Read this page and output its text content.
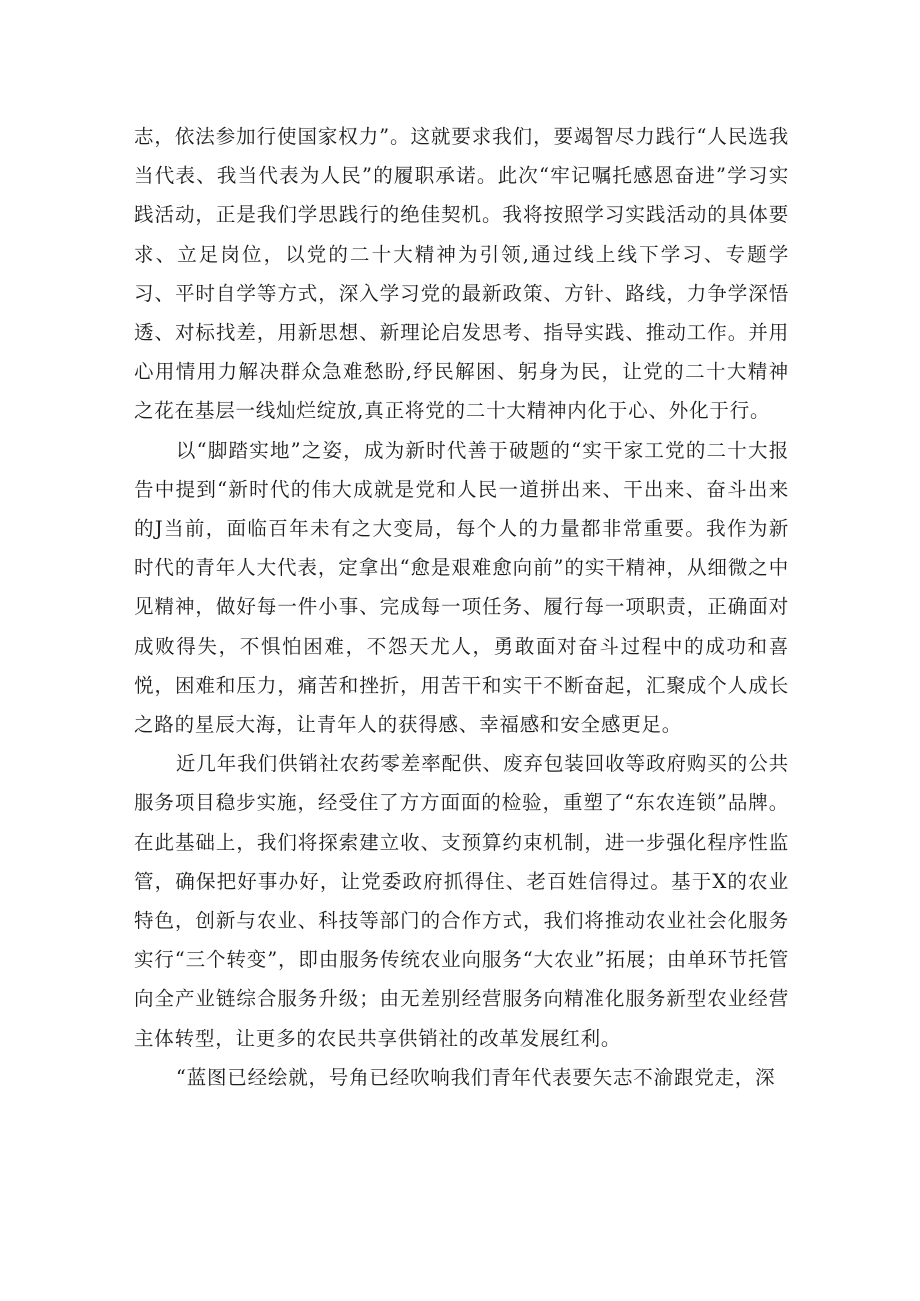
志，依法参加行使国家权力”。这就要求我们，要竭智尽力践行“人民选我当代表、我当代表为人民”的履职承诺。此次“牢记嘱托感恩奋进”学习实践活动，正是我们学思践行的绝佳契机。我将按照学习实践活动的具体要求、立足岗位，以党的二十大精神为引领,通过线上线下学习、专题学习、平时自学等方式，深入学习党的最新政策、方针、路线，力争学深悟透、对标找差，用新思想、新理论启发思考、指导实践、推动工作。并用心用情用力解决群众急难愁盼,纾民解困、躬身为民，让党的二十大精神之花在基层一线灿烂绽放,真正将党的二十大精神内化于心、外化于行。

以“脚踏实地”之姿，成为新时代善于破题的“实干家工党的二十大报告中提到“新时代的伟大成就是党和人民一道拼出来、干出来、奋斗出来的J当前，面临百年未有之大变局，每个人的力量都非常重要。我作为新时代的青年人大代表，定拿出“愈是艰难愈向前”的实干精神，从细微之中见精神，做好每一件小事、完成每一项任务、履行每一项职责，正确面对成败得失，不惧怕困难，不怨天尤人，勇敢面对奋斗过程中的成功和喜悦，困难和压力，痛苦和挫折，用苦干和实干不断奋起，汇聚成个人成长之路的星辰大海，让青年人的获得感、幸福感和安全感更足。

近几年我们供销社农药零差率配供、废弃包装回收等政府购买的公共服务项目稳步实施，经受住了方方面面的检验，重塑了“东农连锁”品牌。在此基础上，我们将探索建立收、支预算约束机制，进一步强化程序性监管，确保把好事办好，让党委政府抓得住、老百姓信得过。基于X的农业特色，创新与农业、科技等部门的合作方式，我们将推动农业社会化服务实行“三个转变”，即由服务传统农业向服务“大农业”拓展；由单环节托管向全产业链综合服务升级；由无差别经营服务向精准化服务新型农业经营主体转型，让更多的农民共享供销社的改革发展红利。

“蓝图已经绘就，号角已经吹响我们青年代表要矢志不渝跟党走，深
